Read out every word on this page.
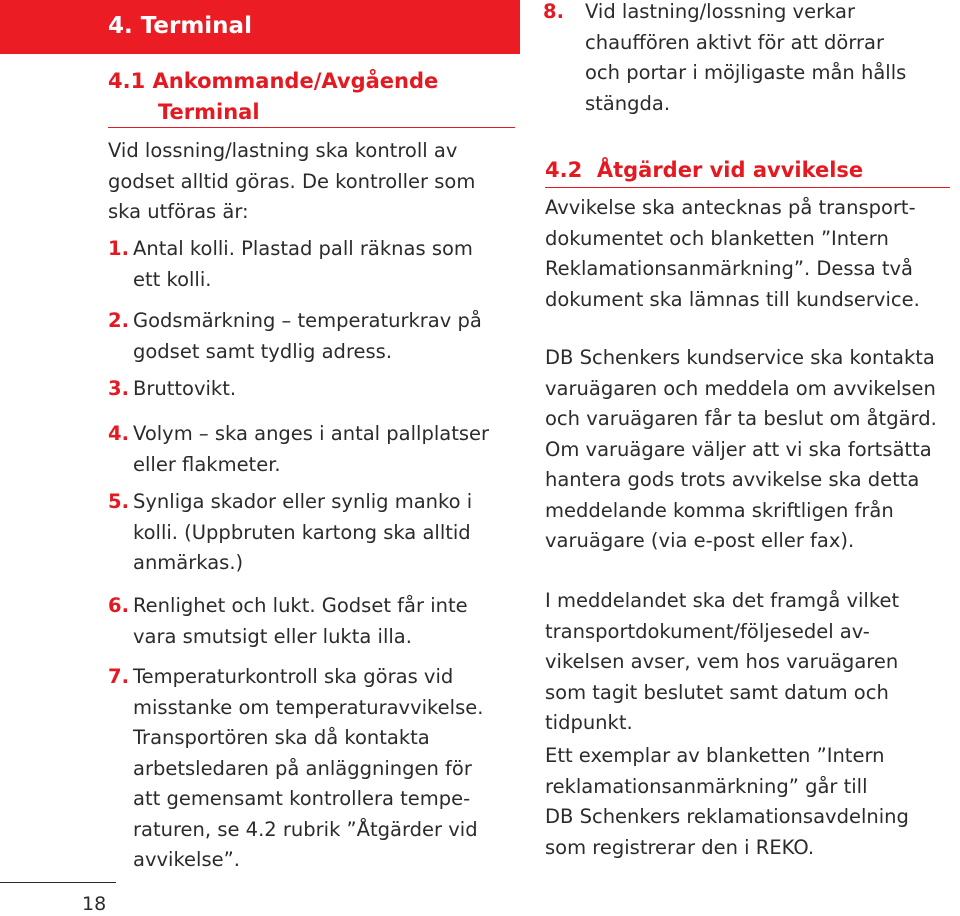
4. Terminal
4.1 Ankommande/Avgående
Terminal

Vid lossning/lastning ska kontroll av
godset alltid göras. De kontroller som
ska utföras är:

1. Antal kolli. Plastad pall räknas som
ett kolli.
2. Godsmärkning – temperaturkrav på
godset samt tydlig adress.
3. Bruttovikt.
4. Volym – ska anges i antal pallplatser
eller flakmeter.
5. Synliga skador eller synlig manko i
kolli. (Uppbruten kartong ska alltid
anmärkas.)
6. Renlighet och lukt. Godset får inte
vara smutsigt eller lukta illa.
7. Temperaturkontroll ska göras vid
misstanke om temperaturavvikelse.
Transportören ska då kontakta
arbetsledaren på anläggningen för
att gemensamt kontrollera tempe-
raturen, se 4.2 rubrik ”Åtgärder vid
avvikelse”.
8. Vid lastning/lossning verkar
chauffören aktivt för att dörrar
och portar i möjligaste mån hålls
stängda.
4.2  Åtgärder vid avvikelse

Avvikelse ska antecknas på transport-
dokumentet och blanketten ”Intern
Reklamationsanmärkning”. Dessa två
dokument ska lämnas till kundservice.

DB Schenkers kundservice ska kontakta
varuägaren och meddela om avvikelsen
och varuägaren får ta beslut om åtgärd.
Om varuägare väljer att vi ska fortsätta
hantera gods trots avvikelse ska detta
meddelande komma skriftligen från
varuägare (via e-post eller fax).

I meddelandet ska det framgå vilket
transportdokument/följesedel av-
vikelsen avser, vem hos varuägaren
som tagit beslutet samt datum och
tidpunkt.

Ett exemplar av blanketten ”Intern
reklamationsanmärkning” går till
DB Schenkers reklamationsavdelning
som registrerar den i REKO.

18
